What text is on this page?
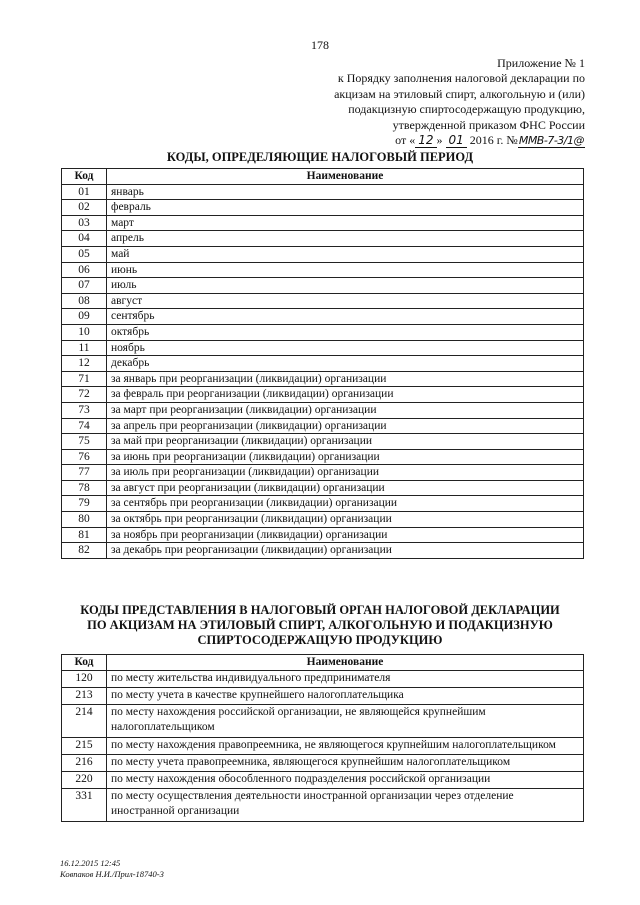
178
Приложение № 1
к Порядку заполнения налоговой декларации по
акцизам на этиловый спирт, алкогольную и (или)
подакцизную спиртосодержащую продукцию,
утвержденной приказом ФНС России
от « 12 » 01 2016 г. №ММВ-7-3/1@
КОДЫ, ОПРЕДЕЛЯЮЩИЕ НАЛОГОВЫЙ ПЕРИОД
Код	Наименование
01	январь
02	февраль
03	март
04	апрель
05	май
06	июнь
07	июль
08	август
09	сентябрь
10	октябрь
11	ноябрь
12	декабрь
71	за январь при реорганизации (ликвидации) организации
72	за февраль при реорганизации (ликвидации) организации
73	за март при реорганизации (ликвидации) организации
74	за апрель при реорганизации (ликвидации) организации
75	за май при реорганизации (ликвидации) организации
76	за июнь при реорганизации (ликвидации) организации
77	за июль при реорганизации (ликвидации) организации
78	за август при реорганизации (ликвидации) организации
79	за сентябрь при реорганизации (ликвидации) организации
80	за октябрь при реорганизации (ликвидации) организации
81	за ноябрь при реорганизации (ликвидации) организации
82	за декабрь при реорганизации (ликвидации) организации
КОДЫ ПРЕДСТАВЛЕНИЯ В НАЛОГОВЫЙ ОРГАН НАЛОГОВОЙ ДЕКЛАРАЦИИ
ПО АКЦИЗАМ НА ЭТИЛОВЫЙ СПИРТ, АЛКОГОЛЬНУЮ И ПОДАКЦИЗНУЮ
СПИРТОСОДЕРЖАЩУЮ ПРОДУКЦИЮ
Код	Наименование
120	по месту жительства индивидуального предпринимателя
213	по месту учета в качестве крупнейшего налогоплательщика
214	по месту нахождения российской организации, не являющейся крупнейшим налогоплательщиком
215	по месту нахождения правопреемника, не являющегося крупнейшим налогоплательщиком
216	по месту учета правопреемника, являющегося крупнейшим налогоплательщиком
220	по месту нахождения обособленного подразделения российской организации
331	по месту осуществления деятельности иностранной организации через отделение иностранной организации
16.12.2015 12:45
Ковпаков Н.И./Прил-18740-3
